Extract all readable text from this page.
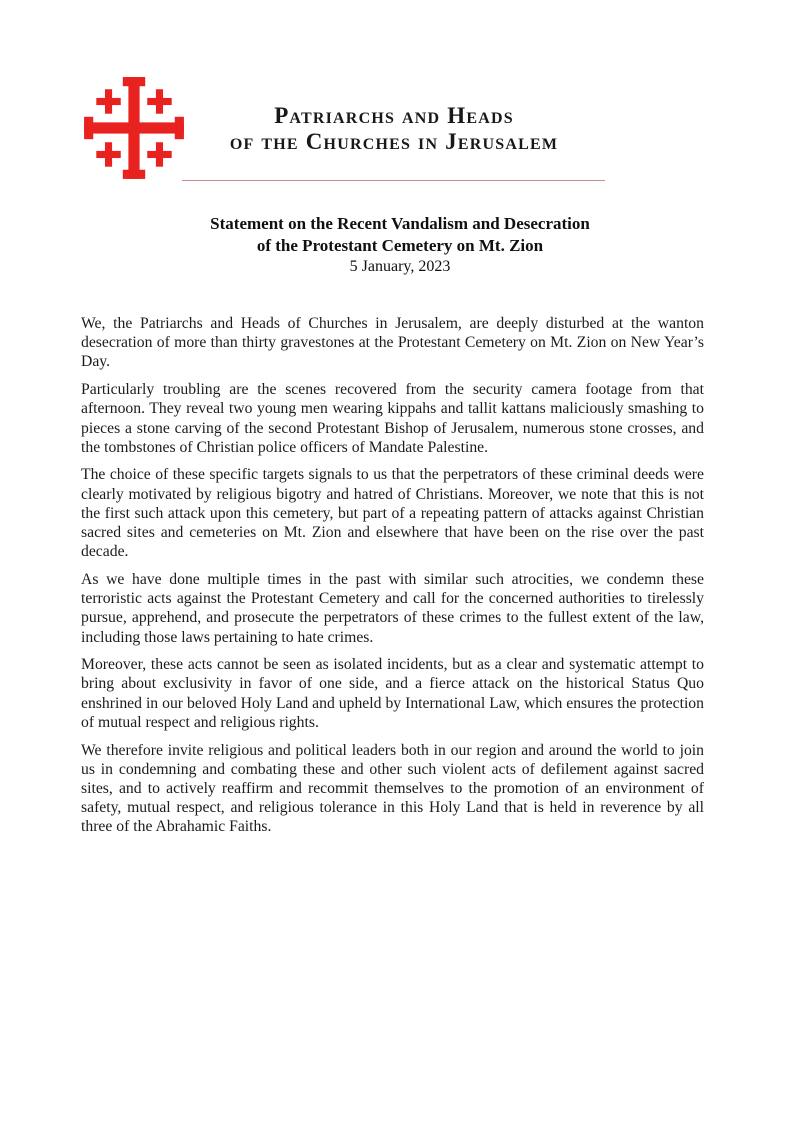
Patriarchs and Heads
of the Churches in Jerusalem
Statement on the Recent Vandalism and Desecration
of the Protestant Cemetery on Mt. Zion
5 January, 2023

We, the Patriarchs and Heads of Churches in Jerusalem, are deeply disturbed at the wanton desecration of more than thirty gravestones at the Protestant Cemetery on Mt. Zion on New Year’s Day.

Particularly troubling are the scenes recovered from the security camera footage from that afternoon. They reveal two young men wearing kippahs and tallit kattans maliciously smashing to pieces a stone carving of the second Protestant Bishop of Jerusalem, numerous stone crosses, and the tombstones of Christian police officers of Mandate Palestine.

The choice of these specific targets signals to us that the perpetrators of these criminal deeds were clearly motivated by religious bigotry and hatred of Christians. Moreover, we note that this is not the first such attack upon this cemetery, but part of a repeating pattern of attacks against Christian sacred sites and cemeteries on Mt. Zion and elsewhere that have been on the rise over the past decade.

As we have done multiple times in the past with similar such atrocities, we condemn these terroristic acts against the Protestant Cemetery and call for the concerned authorities to tirelessly pursue, apprehend, and prosecute the perpetrators of these crimes to the fullest extent of the law, including those laws pertaining to hate crimes.

Moreover, these acts cannot be seen as isolated incidents, but as a clear and systematic attempt to bring about exclusivity in favor of one side, and a fierce attack on the historical Status Quo enshrined in our beloved Holy Land and upheld by International Law, which ensures the protection of mutual respect and religious rights.

We therefore invite religious and political leaders both in our region and around the world to join us in condemning and combating these and other such violent acts of defilement against sacred sites, and to actively reaffirm and recommit themselves to the promotion of an environment of safety, mutual respect, and religious tolerance in this Holy Land that is held in reverence by all three of the Abrahamic Faiths.
